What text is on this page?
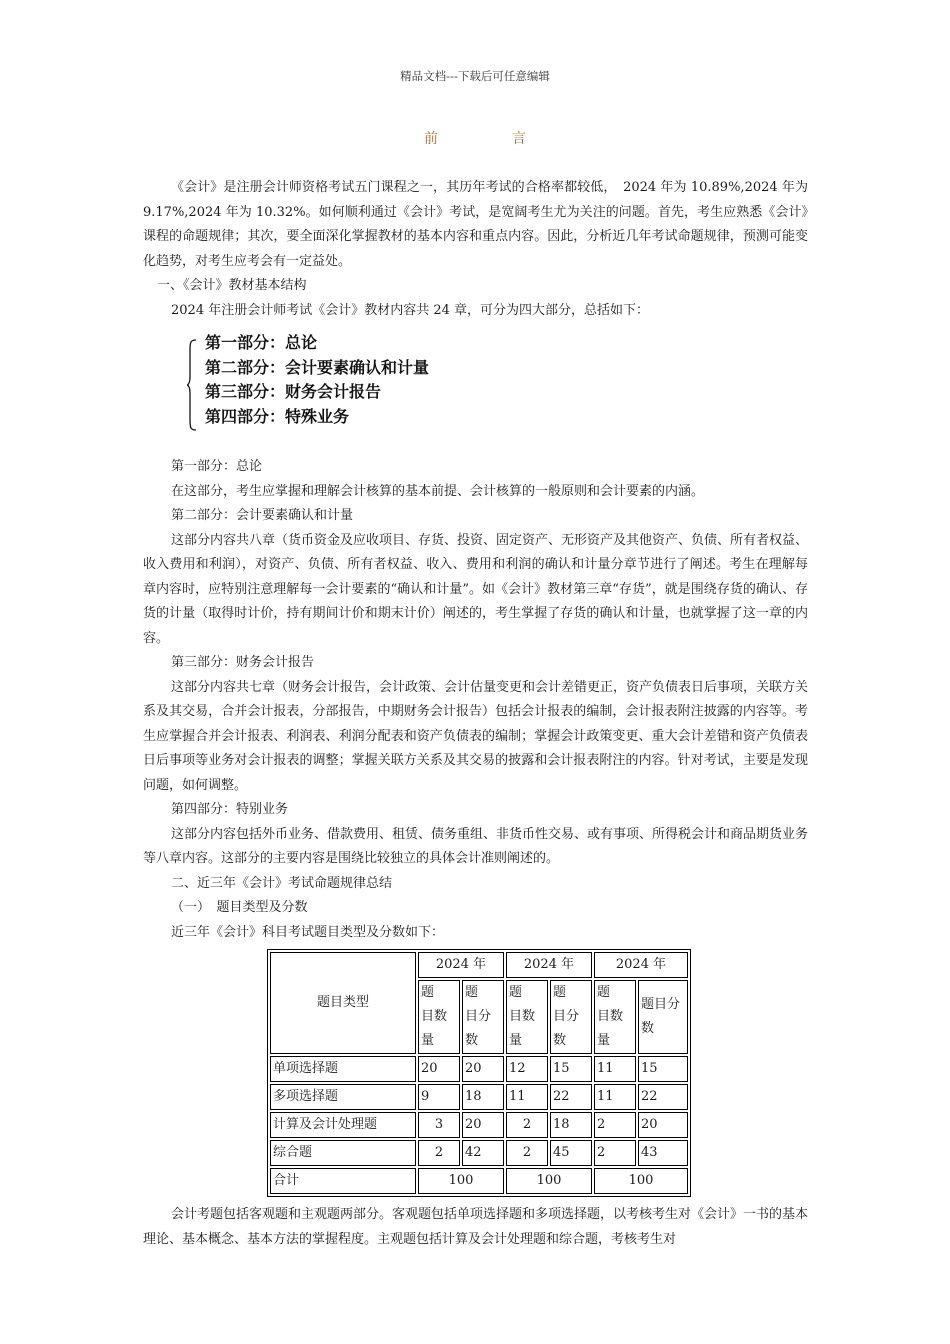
精品文档---下载后可任意编辑
前　言

《会计》是注册会计师资格考试五门课程之一，其历年考试的合格率都较低，　2024 年为 10.89%,2024 年为 9.17%,2024 年为 10.32%。如何顺利通过《会计》考试，是宽阔考生尤为关注的问题。首先，考生应熟悉《会计》课程的命题规律；其次，要全面深化掌握教材的基本内容和重点内容。因此，分析近几年考试命题规律，预测可能变化趋势，对考生应考会有一定益处。

一、《会计》教材基本结构

2024 年注册会计师考试《会计》教材内容共 24 章，可分为四大部分，总括如下：

第一部分：总论
第二部分：会计要素确认和计量
第三部分：财务会计报告
第四部分：特殊业务

第一部分：总论

在这部分，考生应掌握和理解会计核算的基本前提、会计核算的一般原则和会计要素的内涵。

第二部分：会计要素确认和计量

这部分内容共八章（货币资金及应收项目、存货、投资、固定资产、无形资产及其他资产、负债、所有者权益、收入费用和利润），对资产、负债、所有者权益、收入、费用和利润的确认和计量分章节进行了阐述。考生在理解每章内容时，应特别注意理解每一会计要素的“确认和计量”。如《会计》教材第三章“存货”，就是围绕存货的确认、存货的计量（取得时计价，持有期间计价和期末计价）阐述的，考生掌握了存货的确认和计量，也就掌握了这一章的内容。

第三部分：财务会计报告

这部分内容共七章（财务会计报告，会计政策、会计估量变更和会计差错更正，资产负债表日后事项，关联方关系及其交易，合并会计报表，分部报告，中期财务会计报告）包括会计报表的编制，会计报表附注披露的内容等。考生应掌握合并会计报表、利润表、利润分配表和资产负债表的编制；掌握会计政策变更、重大会计差错和资产负债表日后事项等业务对会计报表的调整；掌握关联方关系及其交易的披露和会计报表附注的内容。针对考试，主要是发现问题，如何调整。

第四部分：特别业务

这部分内容包括外币业务、借款费用、租赁、债务重组、非货币性交易、或有事项、所得税会计和商品期货业务等八章内容。这部分的主要内容是围绕比较独立的具体会计准则阐述的。

二、近三年《会计》考试命题规律总结

（一）　题目类型及分数

近三年《会计》科目考试题目类型及分数如下：

题目类型	2024 年		2024 年		2024 年	
	题　目数量	题　目分数	题　目数量	题　目分数	题　目数量	题目分数
单项选择题	20	20	12	15	11	15
多项选择题	9	18	11	22	11	22
计算及会计处理题	3	20	2	18	2	20
综合题	2	42	2	45	2	43
合计	100		100		100	

会计考题包括客观题和主观题两部分。客观题包括单项选择题和多项选择题，以考核考生对《会计》一书的基本理论、基本概念、基本方法的掌握程度。主观题包括计算及会计处理题和综合题，考核考生对
